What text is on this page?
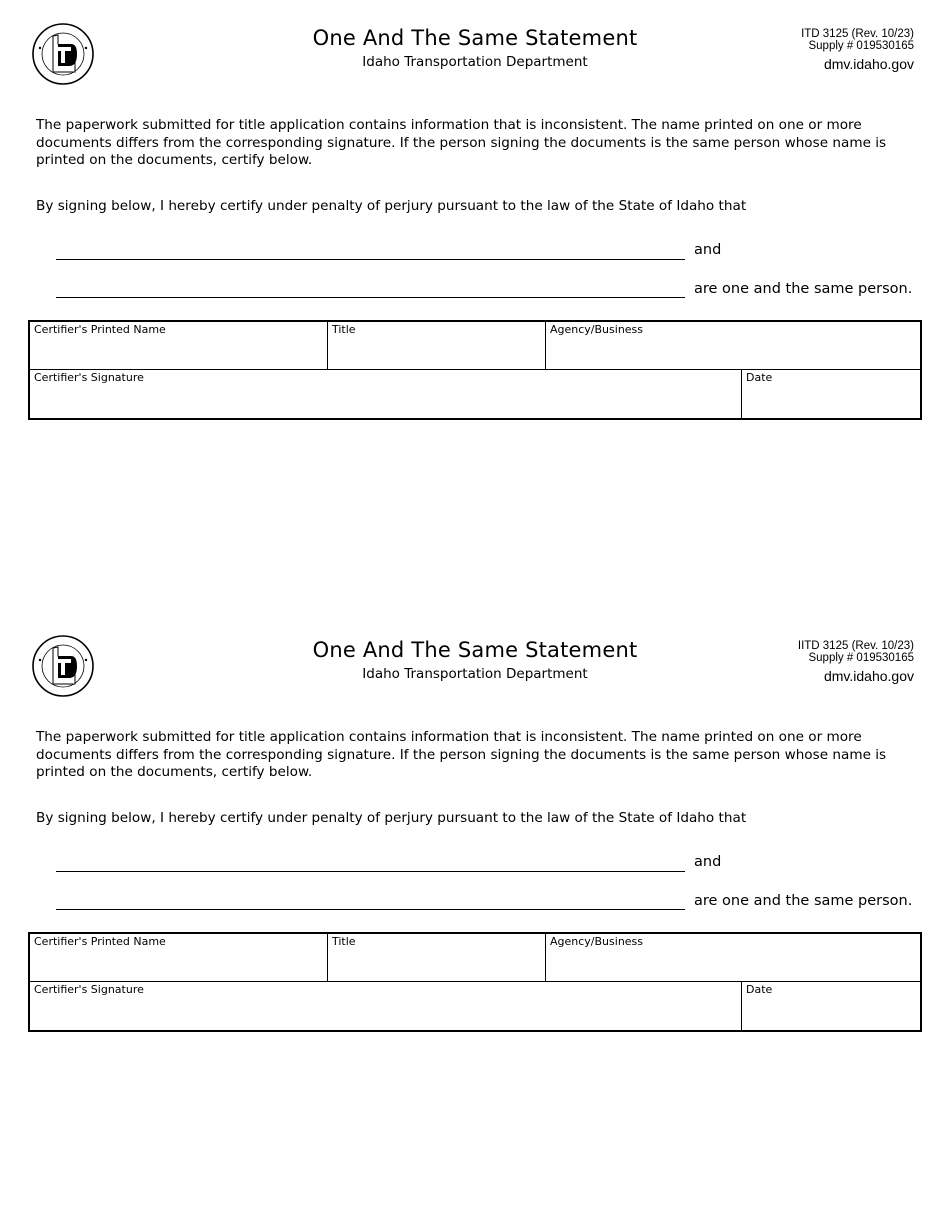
One And The Same Statement
Idaho Transportation Department
ITD 3125 (Rev. 10/23)
Supply # 019530165
dmv.idaho.gov

The paperwork submitted for title application contains information that is inconsistent. The name printed on one or more documents differs from the corresponding signature. If the person signing the documents is the same person whose name is printed on the documents, certify below.

By signing below, I hereby certify under penalty of perjury pursuant to the law of the State of Idaho that

and
are one and the same person.
Certifier's Printed Name	Title	Agency/Business
Certifier's Signature	Date
One And The Same Statement
Idaho Transportation Department
IITD 3125 (Rev. 10/23)
Supply # 019530165
dmv.idaho.gov

The paperwork submitted for title application contains information that is inconsistent. The name printed on one or more documents differs from the corresponding signature. If the person signing the documents is the same person whose name is printed on the documents, certify below.

By signing below, I hereby certify under penalty of perjury pursuant to the law of the State of Idaho that

and
are one and the same person.
Certifier's Printed Name	Title	Agency/Business
Certifier's Signature	Date
